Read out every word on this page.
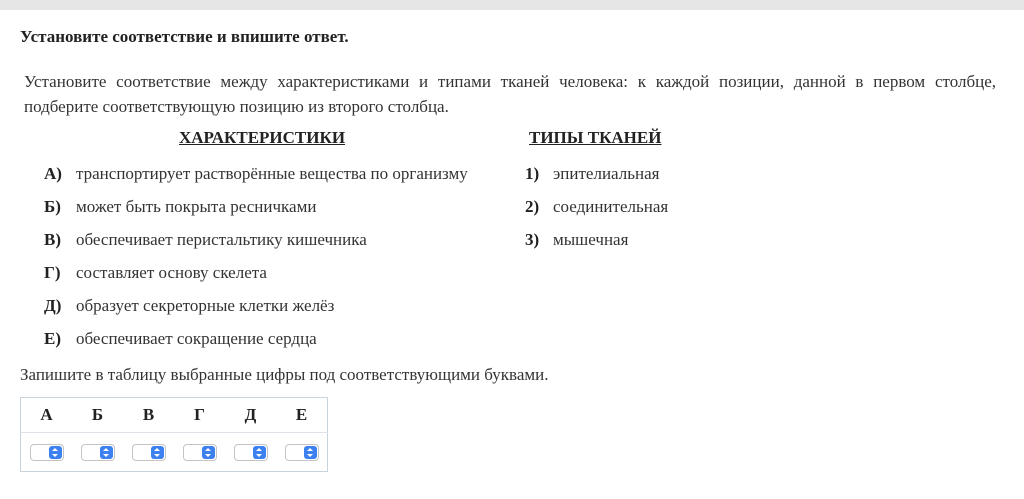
Установите соответствие и впишите ответ.
Установите соответствие между характеристиками и типами тканей человека: к каждой позиции, данной в первом столбце, подберите соответствующую позицию из второго столбца.
ХАРАКТЕРИСТИКИ	ТИПЫ ТКАНЕЙ
А) транспортирует растворённые вещества по организму
Б) может быть покрыта ресничками
В) обеспечивает перистальтику кишечника
Г) составляет основу скелета
Д) образует секреторные клетки желёз
Е) обеспечивает сокращение сердца
1) эпителиальная
2) соединительная
3) мышечная
Запишите в таблицу выбранные цифры под соответствующими буквами.
А	Б	В	Г	Д	Е
